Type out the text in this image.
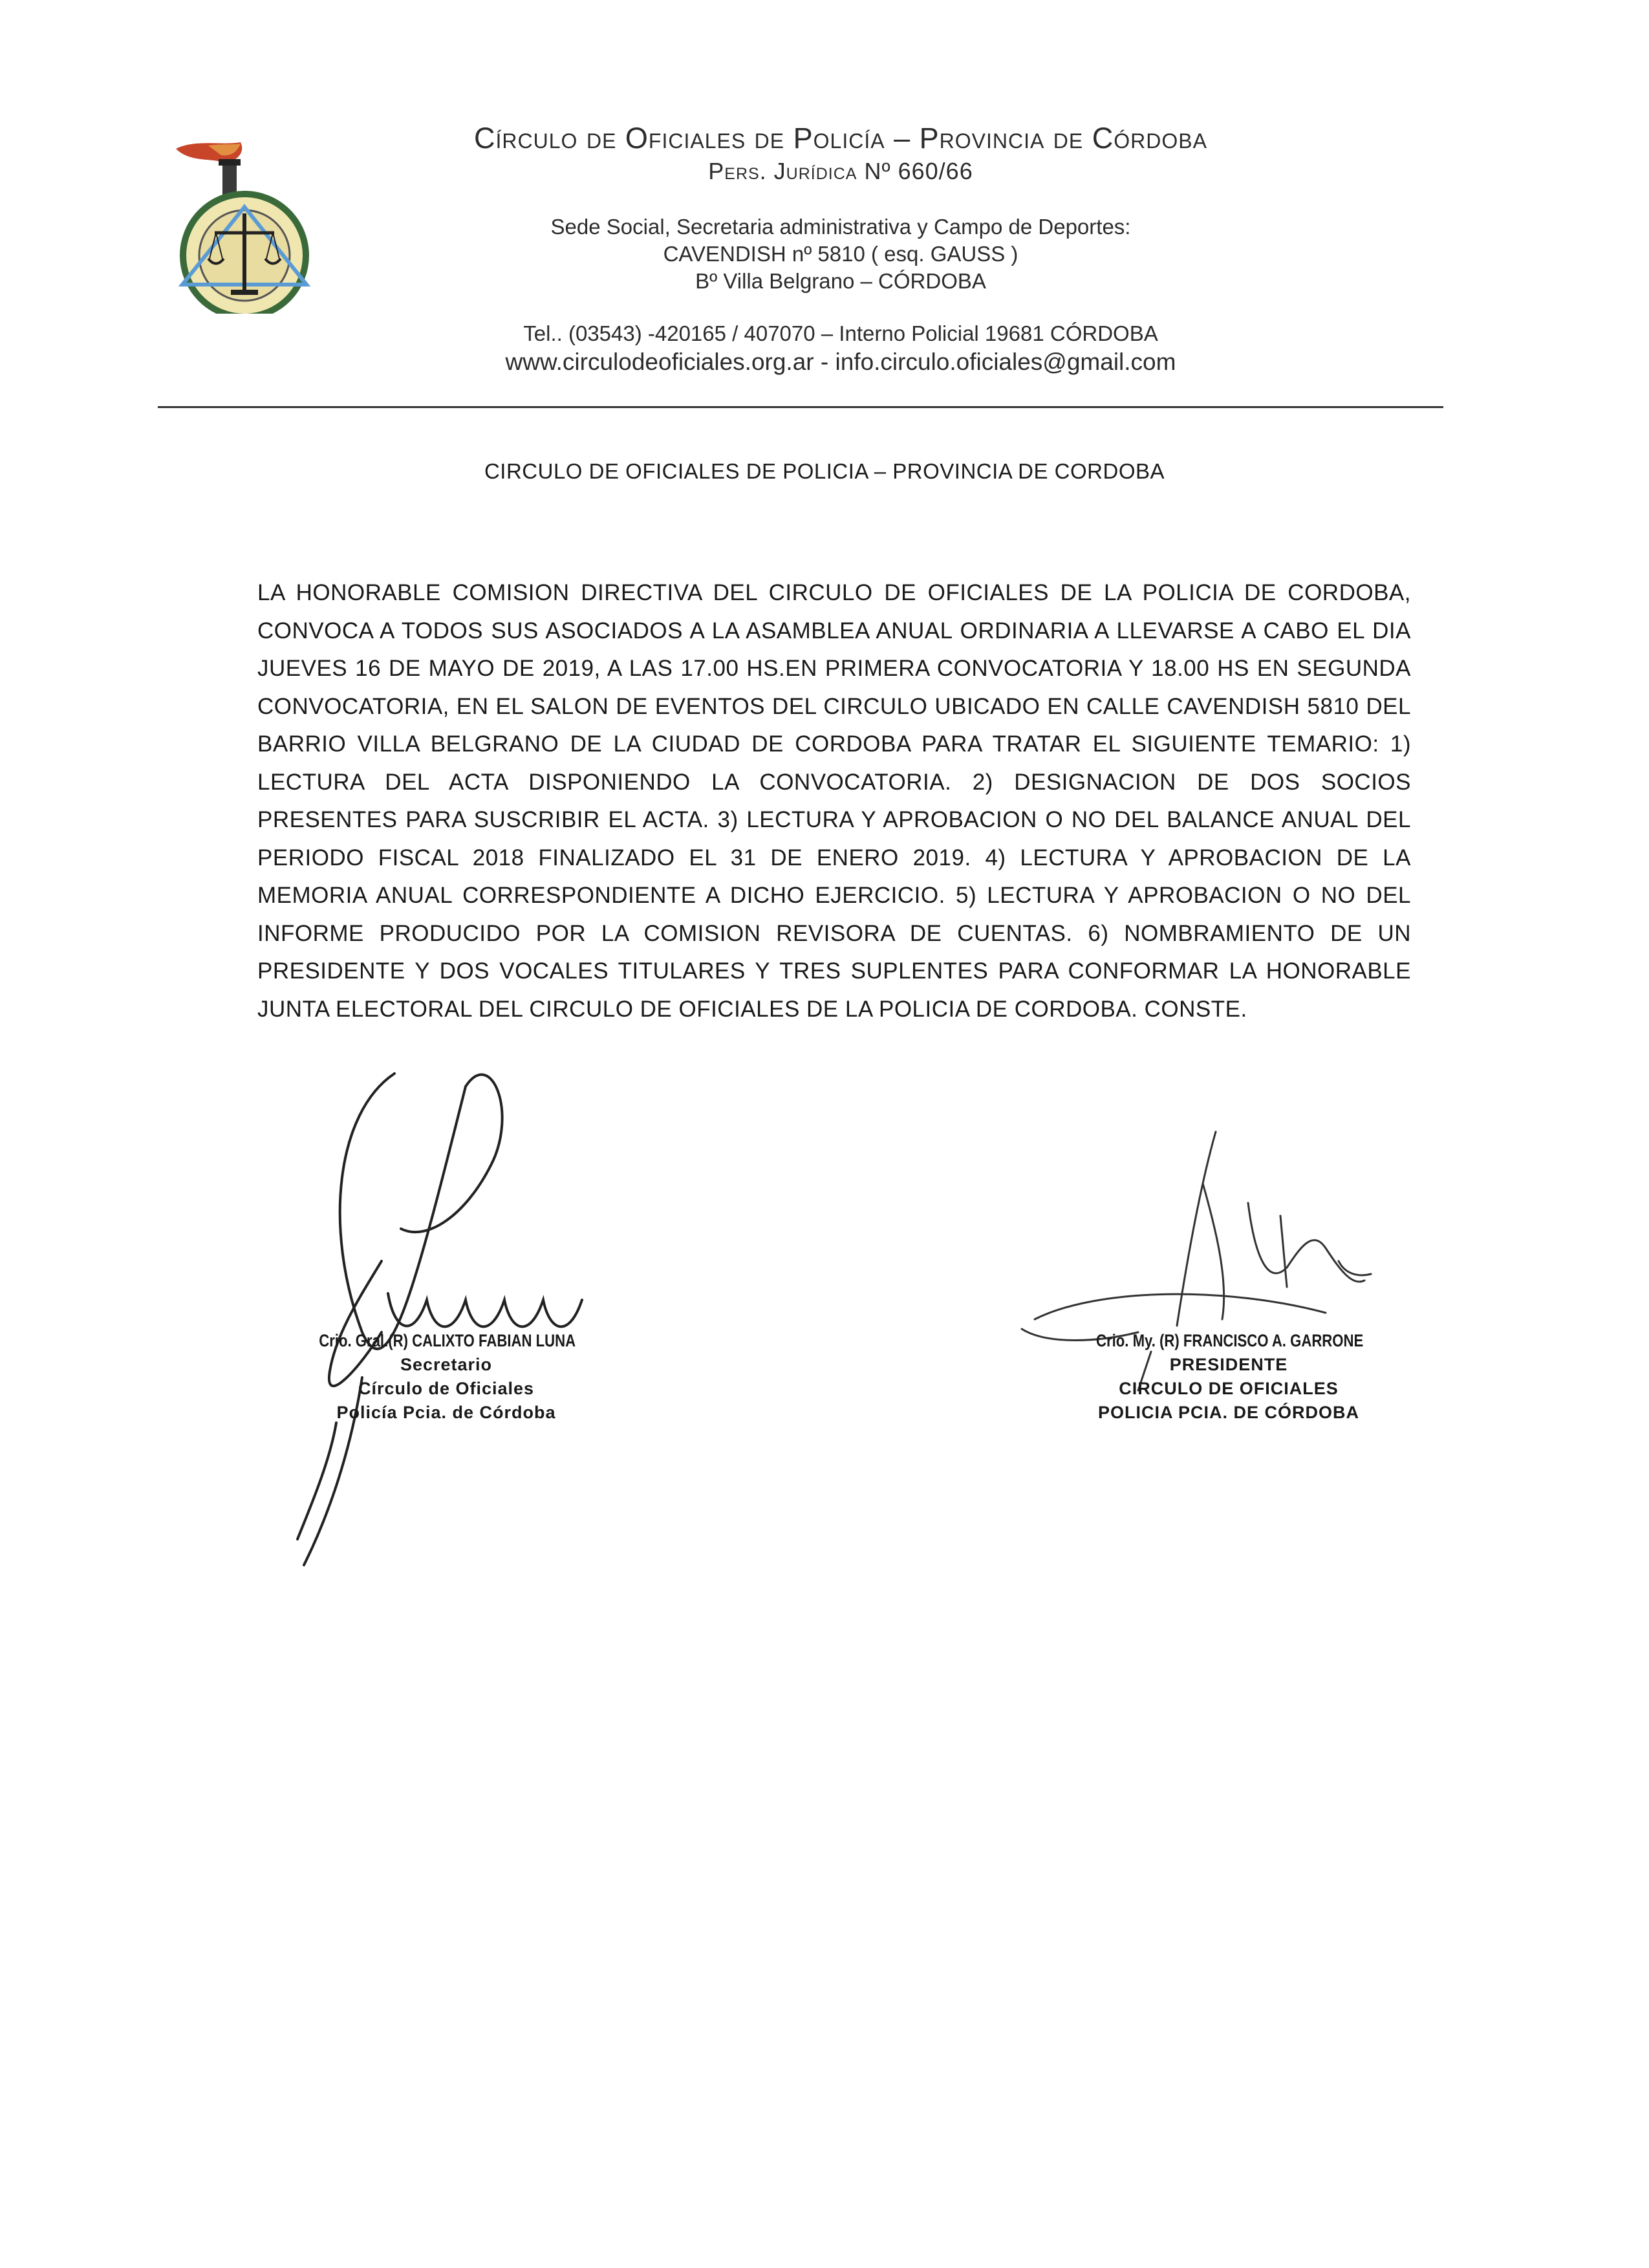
Círculo de Oficiales de Policía – Provincia de Córdoba
Pers. Jurídica Nº 660/66
Sede Social, Secretaria administrativa y Campo de Deportes:
CAVENDISH nº 5810 ( esq. GAUSS )
Bº Villa Belgrano – CÓRDOBA
Tel.. (03543) -420165 / 407070 – Interno Policial 19681 CÓRDOBA
www.circulodeoficiales.org.ar - info.circulo.oficiales@gmail.com
CIRCULO DE OFICIALES DE POLICIA – PROVINCIA DE CORDOBA
LA HONORABLE COMISION DIRECTIVA DEL CIRCULO DE OFICIALES DE LA POLICIA DE CORDOBA, CONVOCA A TODOS SUS ASOCIADOS A LA ASAMBLEA ANUAL ORDINARIA A LLEVARSE A CABO EL DIA JUEVES 16 DE MAYO DE 2019, A LAS 17.00 HS.EN PRIMERA CONVOCATORIA Y 18.00 HS EN SEGUNDA CONVOCATORIA, EN EL SALON DE EVENTOS DEL CIRCULO UBICADO EN CALLE CAVENDISH 5810 DEL BARRIO VILLA BELGRANO DE LA CIUDAD DE CORDOBA PARA TRATAR EL SIGUIENTE TEMARIO: 1) LECTURA DEL ACTA DISPONIENDO LA CONVOCATORIA. 2) DESIGNACION DE DOS SOCIOS PRESENTES PARA SUSCRIBIR EL ACTA. 3) LECTURA Y APROBACION O NO DEL BALANCE ANUAL DEL PERIODO FISCAL 2018 FINALIZADO EL 31 DE ENERO 2019. 4) LECTURA Y APROBACION DE LA MEMORIA ANUAL CORRESPONDIENTE A DICHO EJERCICIO. 5) LECTURA Y APROBACION O NO DEL INFORME PRODUCIDO POR LA COMISION REVISORA DE CUENTAS. 6) NOMBRAMIENTO DE UN PRESIDENTE Y DOS VOCALES TITULARES Y TRES SUPLENTES PARA CONFORMAR LA HONORABLE JUNTA ELECTORAL DEL CIRCULO DE OFICIALES DE LA POLICIA DE CORDOBA. CONSTE.
Crio. Gral.(R) CALIXTO FABIAN LUNA
Secretario
Círculo de Oficiales
Policía Pcia. de Córdoba
Crio. My. (R) FRANCISCO A. GARRONE
PRESIDENTE
CIRCULO DE OFICIALES
POLICIA PCIA. DE CÓRDOBA
